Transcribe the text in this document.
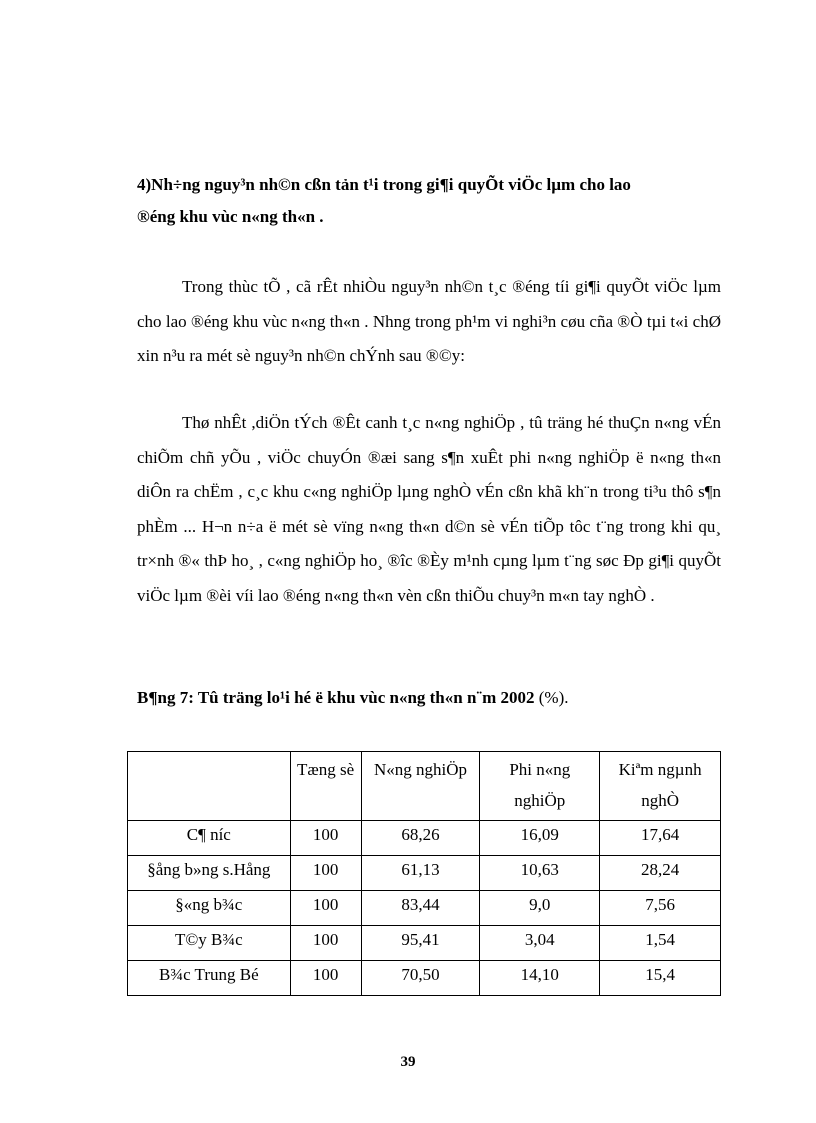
4)Nh÷ng nguy³n nh©n cßn tản t¹i trong gi¶i quyÕt viÖc lµm cho lao
®éng khu vùc n«ng th«n .

Trong thùc tÕ , cã rÊt nhiÒu nguy³n nh©n t¸c ®éng tíi gi¶i quyÕt viÖc lµm cho lao ®éng khu vùc n«ng th«n . Nhng trong ph¹m vi nghi³n cøu cña ®Ò tµi t«i chØ xin n³u ra mét sè nguy³n nh©n chÝnh sau ®©y:

Thø nhÊt ,diÖn tÝch ®Êt canh t¸c n«ng nghiÖp , tû träng hé thuÇn n«ng vÉn chiÕm chñ yÕu , viÖc chuyÓn ®æi sang s¶n xuÊt phi n«ng nghiÖp ë n«ng th«n diÔn ra chËm , c¸c khu c«ng nghiÖp lµng nghÒ vÉn cßn khã kh¨n trong ti³u thô s¶n phÈm ... H¬n n÷a ë mét sè vïng n«ng th«n d©n sè vÉn tiÕp tôc t¨ng trong khi qu¸ tr×nh ®« thÞ ho¸ , c«ng nghiÖp ho¸ ®îc ®Èy m¹nh cµng lµm t¨ng søc Ðp gi¶i quyÕt viÖc lµm ®èi víi lao ®éng n«ng th«n vèn cßn thiÕu chuy³n m«n tay nghÒ .

B¶ng 7: Tû träng lo¹i hé ë khu vùc n«ng th«n n¨m 2002 (%).
	Tæng sè	N«ng nghiÖp	Phi n«ng nghiÖp	Kiªm ngµnh nghÒ
C¶ níc	100	68,26	16,09	17,64
§ång b»ng s.Hång	100	61,13	10,63	28,24
§«ng b¾c	100	83,44	9,0	7,56
T©y B¾c	100	95,41	3,04	1,54
B¾c Trung Bé	100	70,50	14,10	15,4
39
